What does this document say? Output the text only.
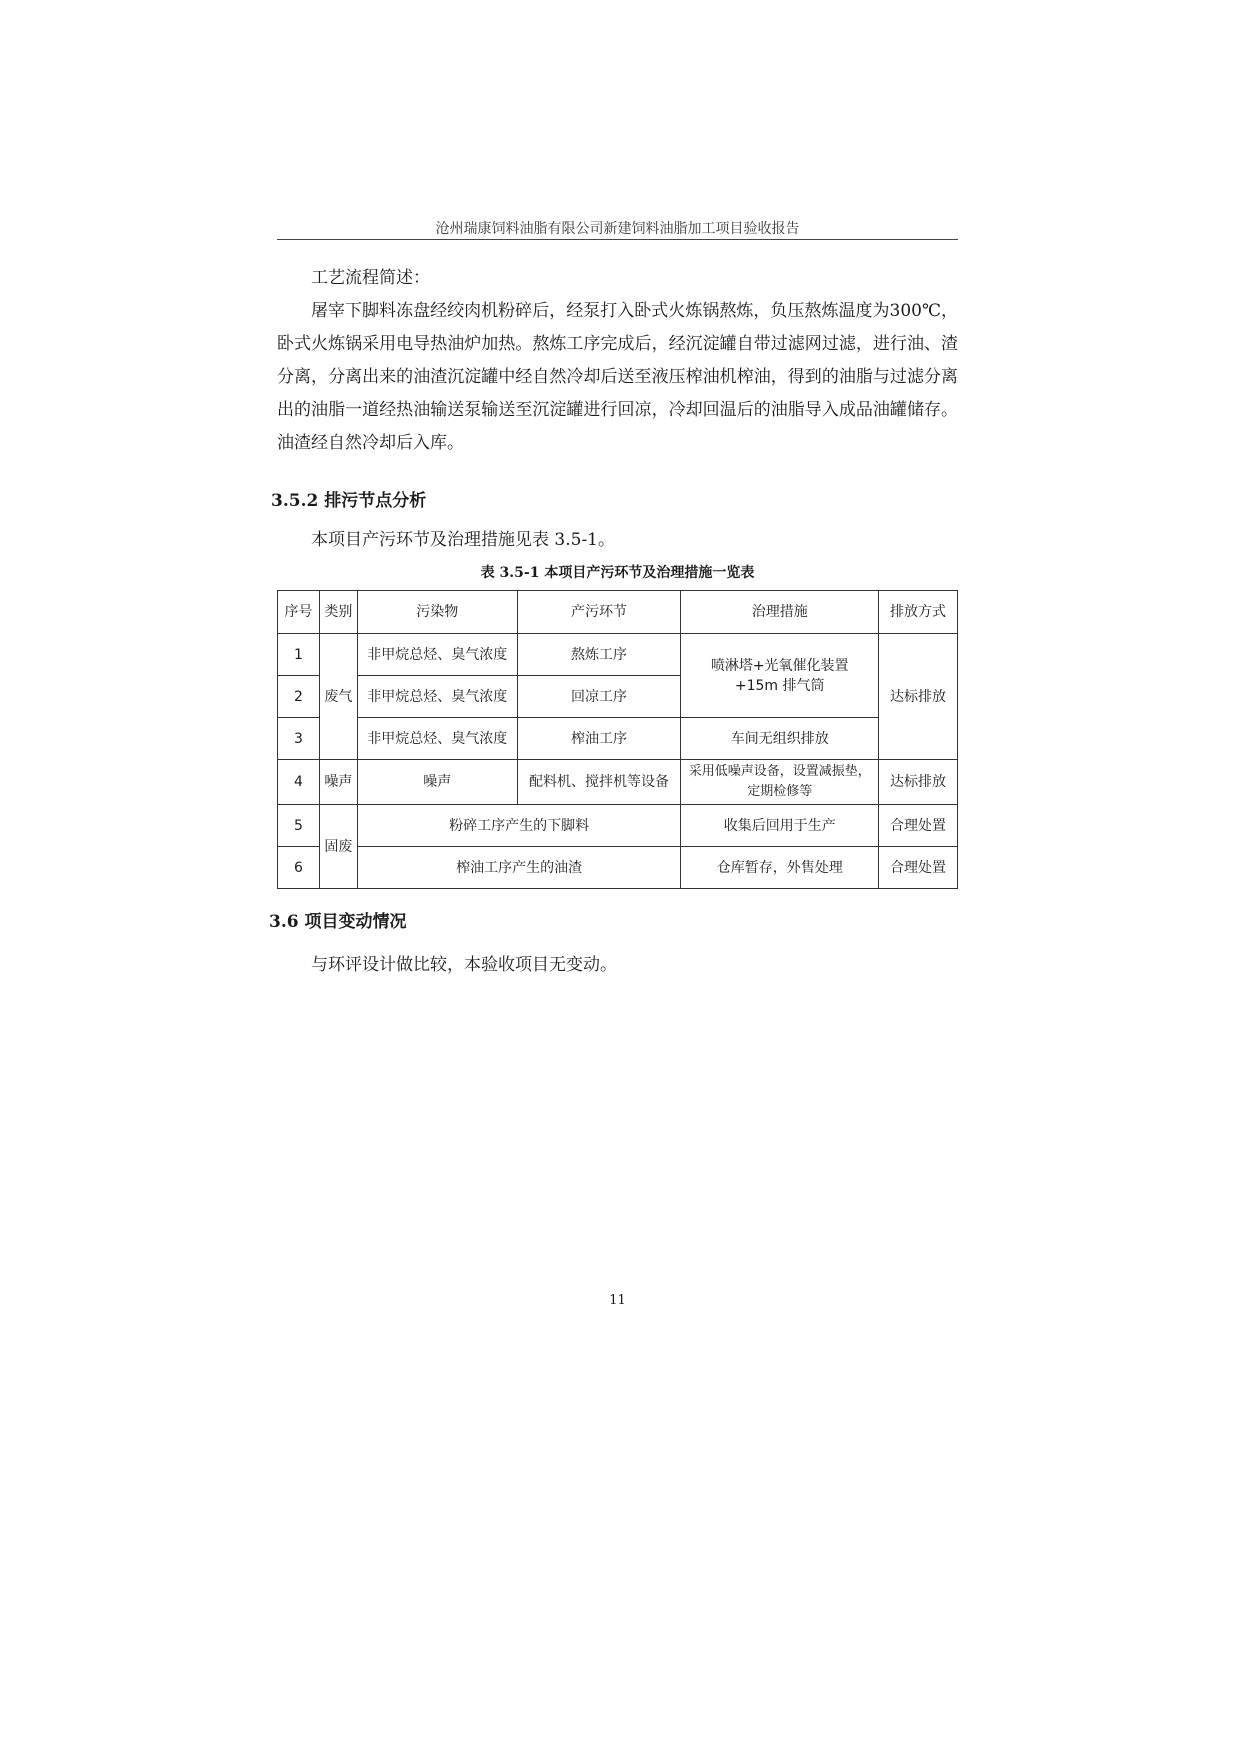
沧州瑞康饲料油脂有限公司新建饲料油脂加工项目验收报告

工艺流程简述：

屠宰下脚料冻盘经绞肉机粉碎后，经泵打入卧式火炼锅熬炼，负压熬炼温度为300℃，卧式火炼锅采用电导热油炉加热。熬炼工序完成后，经沉淀罐自带过滤网过滤，进行油、渣分离，分离出来的油渣沉淀罐中经自然冷却后送至液压榨油机榨油，得到的油脂与过滤分离出的油脂一道经热油输送泵输送至沉淀罐进行回凉，冷却回温后的油脂导入成品油罐储存。油渣经自然冷却后入库。

3.5.2 排污节点分析

本项目产污环节及治理措施见表 3.5-1。

表 3.5-1 本项目产污环节及治理措施一览表
序号	类别	污染物	产污环节	治理措施	排放方式
1	废气	非甲烷总烃、臭气浓度	熬炼工序	喷淋塔+光氧催化装置+15m 排气筒	达标排放
2		非甲烷总烃、臭气浓度	回凉工序		
3		非甲烷总烃、臭气浓度	榨油工序	车间无组织排放	
4	噪声	噪声	配料机、搅拌机等设备	采用低噪声设备，设置减振垫，定期检修等	达标排放
5	固废	粉碎工序产生的下脚料		收集后回用于生产	合理处置
6		榨油工序产生的油渣		仓库暂存，外售处理	合理处置

3.6 项目变动情况

与环评设计做比较，本验收项目无变动。

11
